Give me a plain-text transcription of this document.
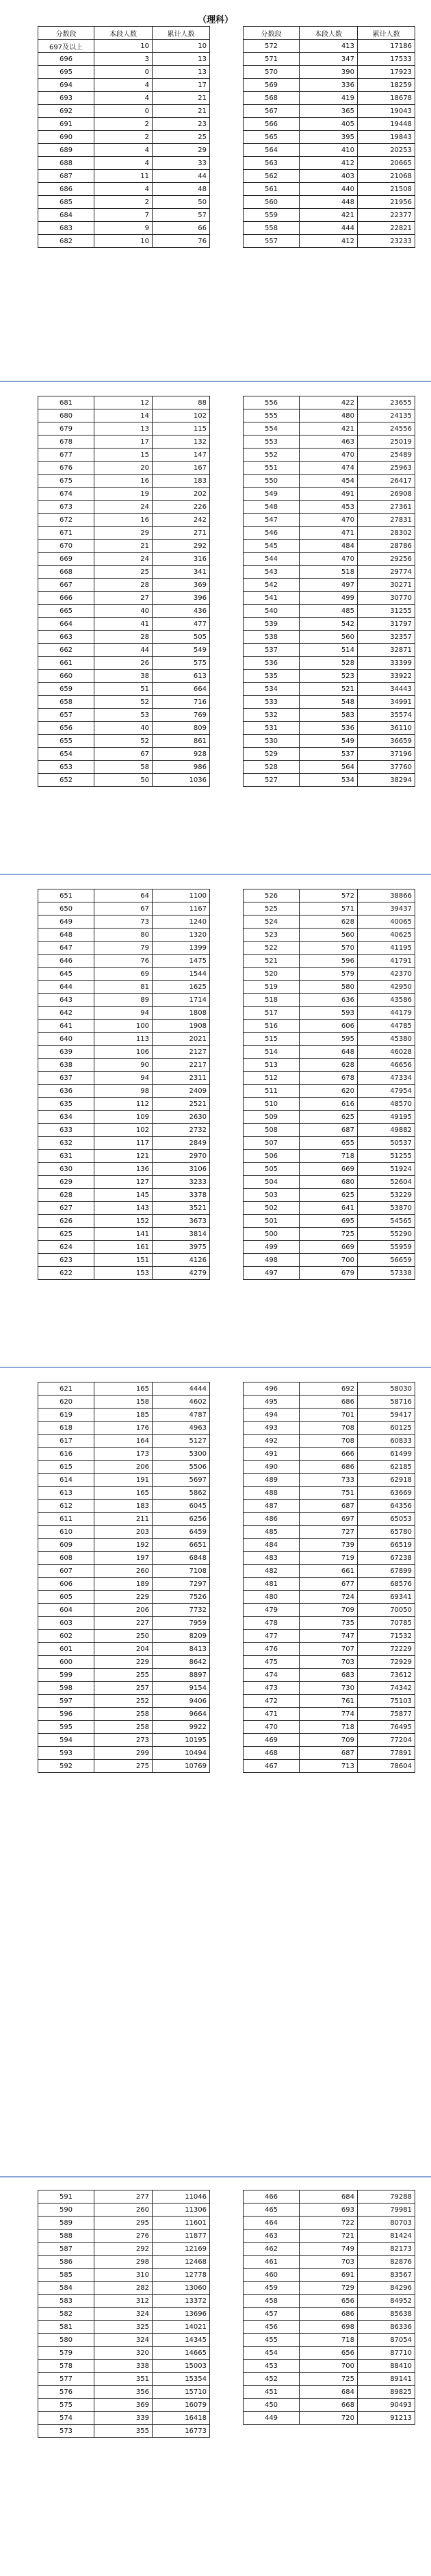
（理科）
分数段	本段人数	累计人数
697及以上	10	10
696	3	13
695	0	13
694	4	17
693	4	21
692	0	21
691	2	23
690	2	25
689	4	29
688	4	33
687	11	44
686	4	48
685	2	50
684	7	57
683	9	66
682	10	76
分数段	本段人数	累计人数
572	413	17186
571	347	17533
570	390	17923
569	336	18259
568	419	18678
567	365	19043
566	405	19448
565	395	19843
564	410	20253
563	412	20665
562	403	21068
561	440	21508
560	448	21956
559	421	22377
558	444	22821
557	412	23233
681	12	88
680	14	102
679	13	115
678	17	132
677	15	147
676	20	167
675	16	183
674	19	202
673	24	226
672	16	242
671	29	271
670	21	292
669	24	316
668	25	341
667	28	369
666	27	396
665	40	436
664	41	477
663	28	505
662	44	549
661	26	575
660	38	613
659	51	664
658	52	716
657	53	769
656	40	809
655	52	861
654	67	928
653	58	986
652	50	1036
556	422	23655
555	480	24135
554	421	24556
553	463	25019
552	470	25489
551	474	25963
550	454	26417
549	491	26908
548	453	27361
547	470	27831
546	471	28302
545	484	28786
544	470	29256
543	518	29774
542	497	30271
541	499	30770
540	485	31255
539	542	31797
538	560	32357
537	514	32871
536	528	33399
535	523	33922
534	521	34443
533	548	34991
532	583	35574
531	536	36110
530	549	36659
529	537	37196
528	564	37760
527	534	38294
651	64	1100
650	67	1167
649	73	1240
648	80	1320
647	79	1399
646	76	1475
645	69	1544
644	81	1625
643	89	1714
642	94	1808
641	100	1908
640	113	2021
639	106	2127
638	90	2217
637	94	2311
636	98	2409
635	112	2521
634	109	2630
633	102	2732
632	117	2849
631	121	2970
630	136	3106
629	127	3233
628	145	3378
627	143	3521
626	152	3673
625	141	3814
624	161	3975
623	151	4126
622	153	4279
526	572	38866
525	571	39437
524	628	40065
523	560	40625
522	570	41195
521	596	41791
520	579	42370
519	580	42950
518	636	43586
517	593	44179
516	606	44785
515	595	45380
514	648	46028
513	628	46656
512	678	47334
511	620	47954
510	616	48570
509	625	49195
508	687	49882
507	655	50537
506	718	51255
505	669	51924
504	680	52604
503	625	53229
502	641	53870
501	695	54565
500	725	55290
499	669	55959
498	700	56659
497	679	57338
621	165	4444
620	158	4602
619	185	4787
618	176	4963
617	164	5127
616	173	5300
615	206	5506
614	191	5697
613	165	5862
612	183	6045
611	211	6256
610	203	6459
609	192	6651
608	197	6848
607	260	7108
606	189	7297
605	229	7526
604	206	7732
603	227	7959
602	250	8209
601	204	8413
600	229	8642
599	255	8897
598	257	9154
597	252	9406
596	258	9664
595	258	9922
594	273	10195
593	299	10494
592	275	10769
496	692	58030
495	686	58716
494	701	59417
493	708	60125
492	708	60833
491	666	61499
490	686	62185
489	733	62918
488	751	63669
487	687	64356
486	697	65053
485	727	65780
484	739	66519
483	719	67238
482	661	67899
481	677	68576
480	724	69341
479	709	70050
478	735	70785
477	747	71532
476	707	72229
475	703	72929
474	683	73612
473	730	74342
472	761	75103
471	774	75877
470	718	76495
469	709	77204
468	687	77891
467	713	78604
591	277	11046
590	260	11306
589	295	11601
588	276	11877
587	292	12169
586	298	12468
585	310	12778
584	282	13060
583	312	13372
582	324	13696
581	325	14021
580	324	14345
579	320	14665
578	338	15003
577	351	15354
576	356	15710
575	369	16079
574	339	16418
573	355	16773
466	684	79288
465	693	79981
464	722	80703
463	721	81424
462	749	82173
461	703	82876
460	691	83567
459	729	84296
458	656	84952
457	686	85638
456	698	86336
455	718	87054
454	656	87710
453	700	88410
452	725	89141
451	684	89825
450	668	90493
449	720	91213
